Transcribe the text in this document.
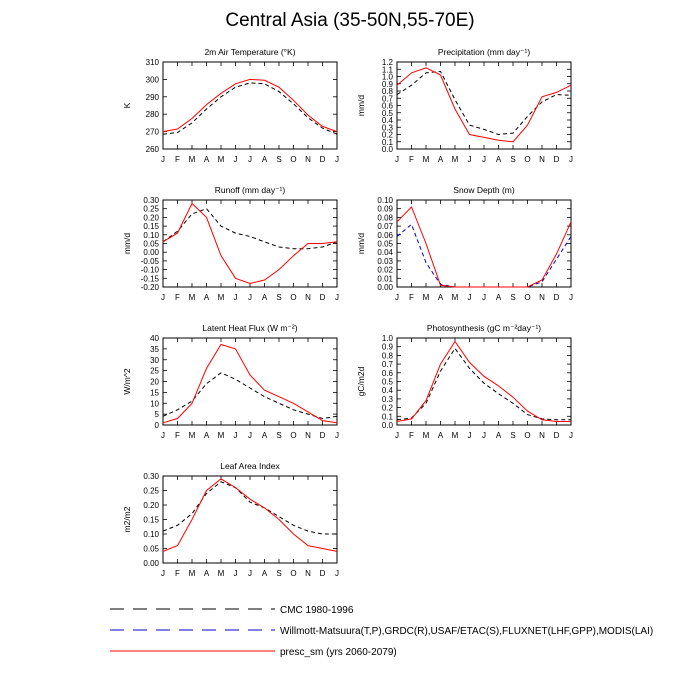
Central Asia (35-50N,55-70E)
2m Air Temperature (°K)
K
260
270
280
290
300
310
J F M A M J J A S O N D J
Precipitation (mm day⁻¹)
mm/d
0.0
0.1
0.2
0.3
0.4
0.5
0.6
0.7
0.8
0.9
1.0
1.1
1.2
J F M A M J J A S O N D J
Runoff (mm day⁻¹)
mm/d
-0.20
-0.15
-0.10
-0.05
0.00
0.05
0.10
0.15
0.20
0.25
0.30
J F M A M J J A S O N D J
Snow Depth (m)
mm/d
0.00
0.01
0.02
0.03
0.04
0.05
0.06
0.07
0.08
0.09
0.10
J F M A M J J A S O N D J
Latent Heat Flux (W m⁻²)
W/m^2
0
5
10
15
20
25
30
35
40
J F M A M J J A S O N D J
Photosynthesis (gC m⁻²day⁻¹)
gC/m2d
0.0
0.1
0.2
0.3
0.4
0.5
0.6
0.7
0.8
0.9
1.0
J F M A M J J A S O N D J
Leaf Area Index
m2/m2
0.00
0.05
0.10
0.15
0.20
0.25
0.30
J F M A M J J A S O N D J
CMC 1980-1996
Willmott-Matsuura(T,P),GRDC(R),USAF/ETAC(S),FLUXNET(LHF,GPP),MODIS(LAI)
presc_sm (yrs 2060-2079)
